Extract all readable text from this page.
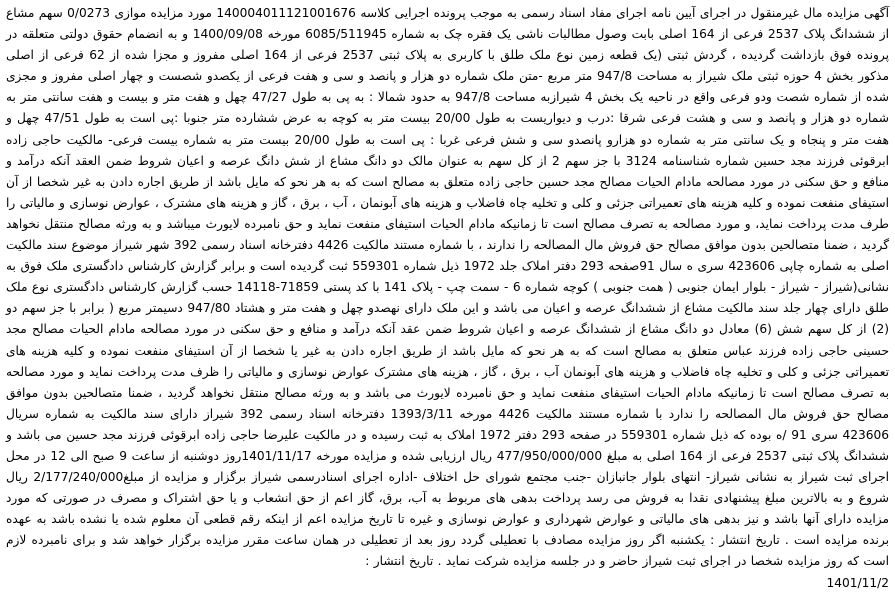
آگهی مزایده مال غیرمنقول در اجرای آیین نامه اجرای مفاد اسناد رسمی به موجب پرونده اجرایی کلاسه 140004011121001676 مورد مزایده موازی 0/0273 سهم مشاع از ششدانگ پلاک 2537 فرعی از 164 اصلی بابت وصول مطالبات ناشی یک فقره چک به شماره 6085/511945 مورخه 1400/09/08 و به انضمام حقوق دولتی متعلقه در پرونده فوق بازداشت گردیده ، گردش ثبتی (یک قطعه زمین نوع ملک طلق با کاربری به پلاک ثبتی 2537 فرعی از 164 اصلی مفروز و مجزا شده از 62 فرعی از اصلی مذکور بخش 4 حوزه ثبتی ملک شیراز به مساحت 947/8 متر مربع -متن ملک شماره دو هزار و پانصد و سی و هفت فرعی از یکصدو شصست و چهار اصلی مفروز و مجزی شده از شماره شصت ودو فرعی واقع در ناحیه یک بخش 4 شیرازبه مساحت 947/8 به حدود شمالا : به پی به طول 47/27 چهل و هفت متر و بیست و هفت سانتی متر به شماره دو هزار و پانصد و سی و هشت فرعی شرقا :درب و دیواریست به طول 20/00 بیست متر به کوچه به عرض ششارده متر جنوبا :پی است به طول 47/51 چهل و هفت متر و پنجاه و یک سانتی متر به شماره دو هزارو پانصدو سی و شش فرعی غربا : پی است به طول 20/00 بیست متر به شماره بیست فرعی- مالکیت حاجی زاده ابرقوئی فرزند مجد حسین شماره شناسنامه 3124 با جز سهم 2 از کل سهم به عنوان مالک دو دانگ مشاع از شش دانگ عرصه و اعیان شروط ضمن العقد آنکه درآمد و منافع و حق سکنی در مورد مصالحه مادام الحیات مصالح مجد حسین حاجی زاده متعلق به مصالح است که به هر نحو که مایل باشد از طریق اجاره دادن به غیر شخصا از آن استیفای منفعت نموده و کلیه هزینه های تعمیراتی جزئی و کلی و تخلیه چاه فاضلاب و هزینه های آبونمان ، آب ، برق ، گاز و هزینه های مشترک ، عوارض نوسازی و مالیاتی را طرف مدت پرداخت نماید، و مورد مصالحه به تصرف مصالح است تا زمانیکه مادام الحیات استیفای منفعت نماید و حق نامبرده لایورث میباشد و به ورثه مصالح منتقل نخواهد گردید ، ضمنا متصالحین بدون موافق مصالح حق فروش مال المصالحه را ندارند ، با شماره مستند مالکیت 4426 دفترخانه اسناد رسمی 392 شهر شیراز موضوع سند مالکیت اصلی به شماره چاپی 423606 سری ه سال 91صفحه 293 دفتر املاک جلد 1972 ذیل شماره 559301 ثبت گردیده است و برابر گزارش کارشناس دادگستری ملک فوق به نشانی(شیراز - شیراز - بلوار ایمان جنوبی ( همت جنوبی ) کوچه شماره 6 - سمت چپ - پلاک 141 با کد پستی 71859-14118 حسب گزارش کارشناس دادگستری نوع ملک طلق دارای چهار جلد سند مالکیت مشاع از ششدانگ عرصه و اعیان می باشد و این ملک دارای نهصدو چهل و هفت متر و هشتاد 947/80 دسیمتر مربع ( برابر با جز سهم دو (2) از کل سهم شش (6) معادل دو دانگ مشاع از ششدانگ عرصه و اعیان شروط ضمن عقد آنکه درآمد و منافع و حق سکنی در مورد مصالحه مادام الحیات مصالح مجد حسینی حاجی زاده فرزند عباس متعلق به مصالح است که به هر نحو که مایل باشد از طریق اجاره دادن به غیر یا شخصا از آن استیفای منفعت نموده و کلیه هزینه های تعمیراتی جزئی و کلی و تخلیه چاه فاضلاب و هزینه های آبونمان آب ، برق ، گاز ، هزینه های مشترک عوارض نوسازی و مالیاتی را ظرف مدت پرداخت نماید و مورد مصالحه به تصرف مصالح است تا زمانیکه مادام الحیات استیفای منفعت نماید و حق نامبرده لایورث می باشد و به ورثه مصالح منتقل نخواهد گردید ، ضمنا متصالحین بدون موافق مصالح حق فروش مال المصالحه را ندارد با شماره مستند مالکیت 4426 مورخه 1393/3/11 دفترخانه اسناد رسمی 392 شیراز دارای سند مالکیت به شماره سریال 423606 سری 91 /ه بوده که ذیل شماره 559301 در صفحه 293 دفتر 1972 املاک به ثبت رسیده و در مالکیت علیرضا حاجی زاده ابرقوئی فرزند مجد حسین می باشد و ششدانگ پلاک ثبتی 2537 فرعی از 164 اصلی به مبلغ 477/950/000/000 ریال ارزیابی شده و مزایده مورخه 1401/11/17روز دوشنبه از ساعت 9 صبح الی 12 در محل اجرای ثبت شیراز به نشانی شیراز- انتهای بلوار جانبازان -جنب مجتمع شورای حل اختلاف -اداره اجرای اسنادرسمی شیراز برگزار و مزایده از مبلغ2/177/240/000 ریال شروع و به بالاترین مبلغ پیشنهادی نقدا به فروش می رسد پرداخت بدهی های مربوط به آب، برق، گاز اعم از حق انشعاب و یا حق اشتراک و مصرف در صورتی که مورد مزایده دارای آنها باشد و نیز بدهی های مالیاتی و عوارض شهرداری و عوارض نوسازی و غیره تا تاریخ مزایده اعم از اینکه رقم قطعی آن معلوم شده یا نشده باشد به عهده برنده مزایده است . تاریخ انتشار : یکشنبه اگر روز مزایده مصادف با تعطیلی گردد روز بعد از تعطیلی در همان ساعت مقرر مزایده برگزار خواهد شد و برای نامبرده لازم است که روز مزایده شخصا در اجرای ثبت شیراز حاضر و در جلسه مزایده شرکت نماید . تاریخ انتشار :

1401/11/2
